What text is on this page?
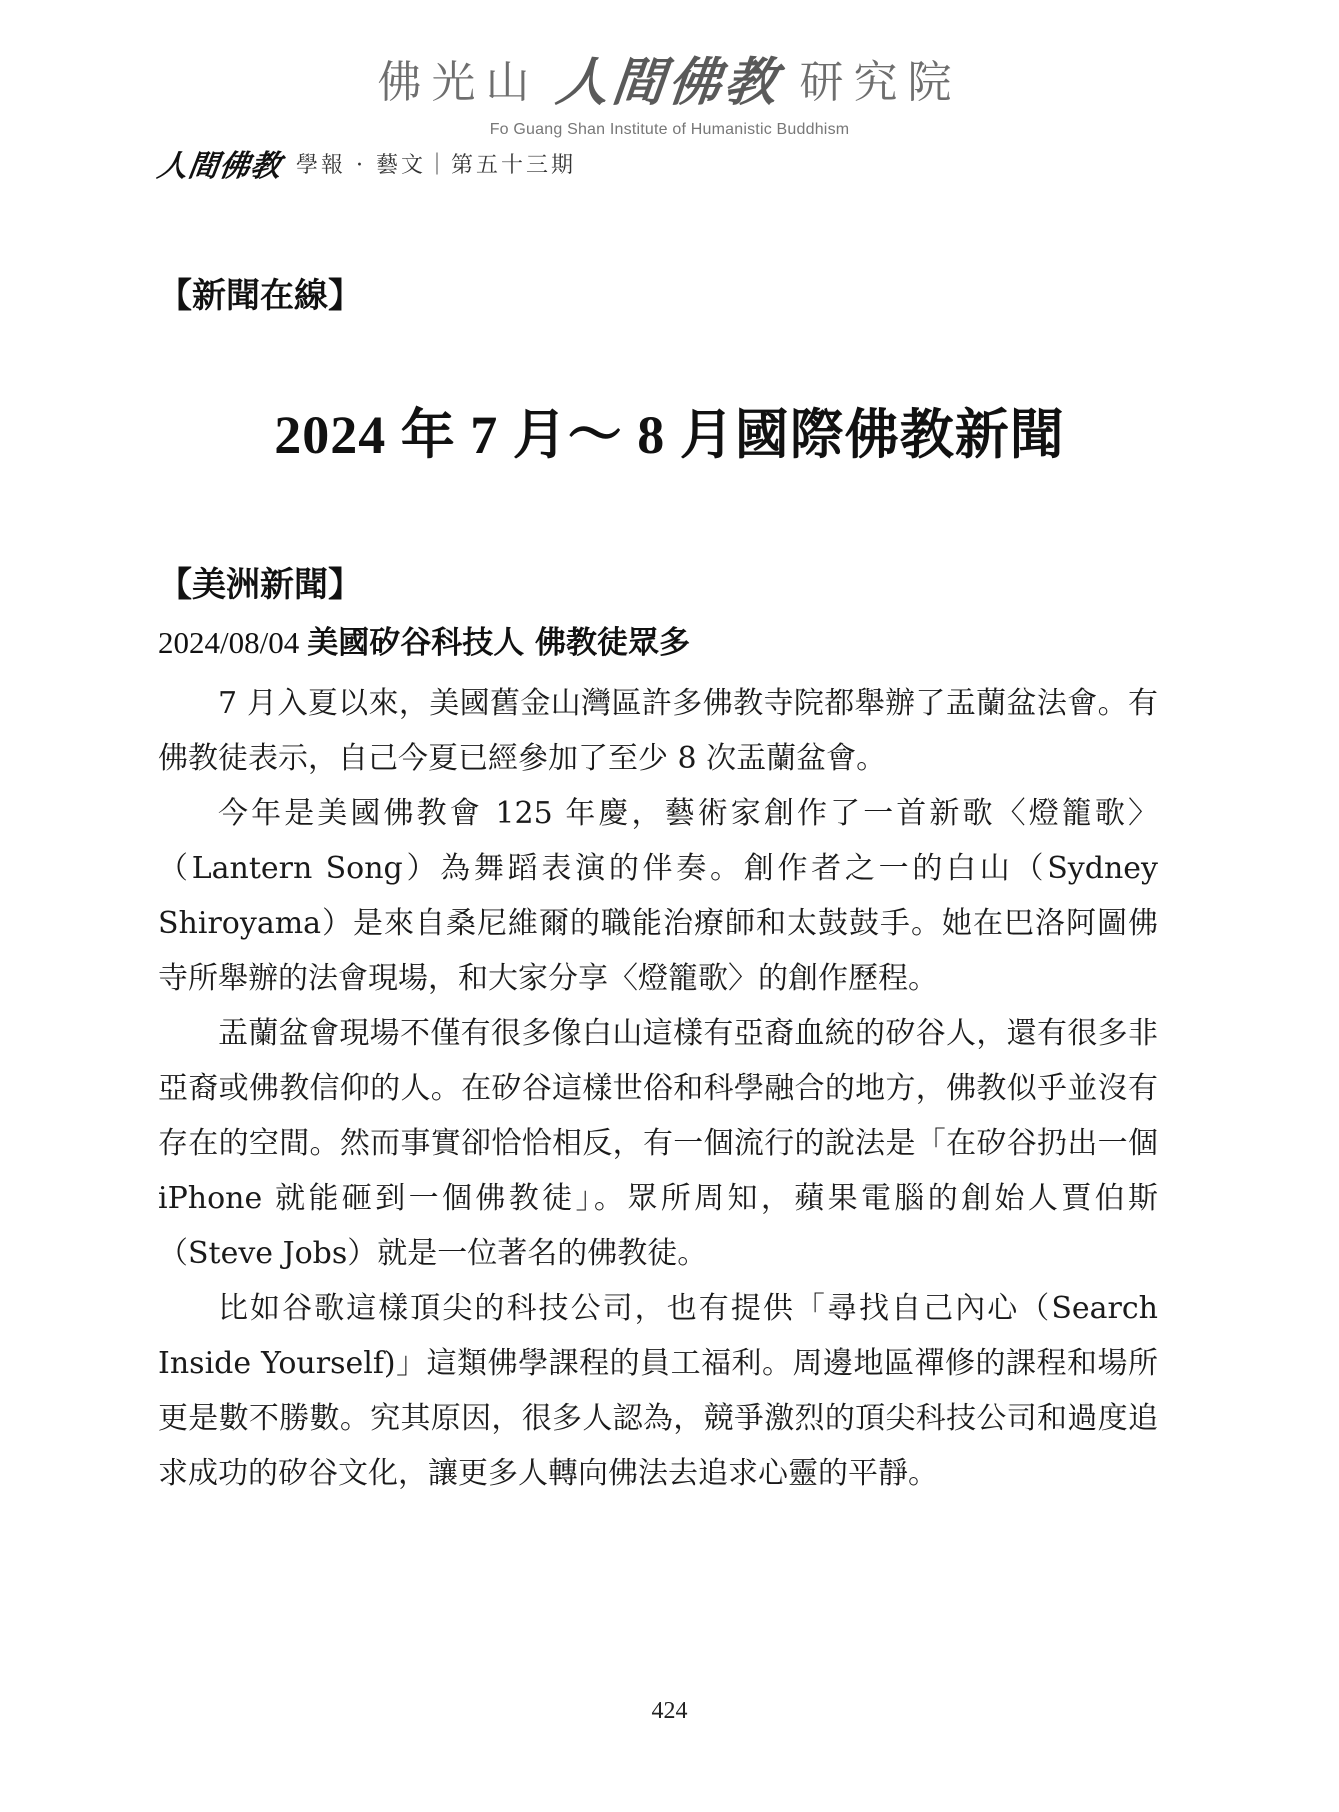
佛光山 人間佛教 研究院
Fo Guang Shan Institute of Humanistic Buddhism
人間佛教 學報 · 藝文｜第五十三期
【新聞在線】
2024 年 7 月～ 8 月國際佛教新聞
【美洲新聞】
2024/08/04 美國矽谷科技人 佛教徒眾多

7 月入夏以來，美國舊金山灣區許多佛教寺院都舉辦了盂蘭盆法會。有佛教徒表示，自己今夏已經參加了至少 8 次盂蘭盆會。

今年是美國佛教會 125 年慶，藝術家創作了一首新歌〈燈籠歌〉（Lantern Song）為舞蹈表演的伴奏。創作者之一的白山（Sydney Shiroyama）是來自桑尼維爾的職能治療師和太鼓鼓手。她在巴洛阿圖佛寺所舉辦的法會現場，和大家分享〈燈籠歌〉的創作歷程。

盂蘭盆會現場不僅有很多像白山這樣有亞裔血統的矽谷人，還有很多非亞裔或佛教信仰的人。在矽谷這樣世俗和科學融合的地方，佛教似乎並沒有存在的空間。然而事實卻恰恰相反，有一個流行的說法是「在矽谷扔出一個 iPhone 就能砸到一個佛教徒」。眾所周知，蘋果電腦的創始人賈伯斯（Steve Jobs）就是一位著名的佛教徒。

比如谷歌這樣頂尖的科技公司，也有提供「尋找自己內心（Search Inside Yourself)」這類佛學課程的員工福利。周邊地區禪修的課程和場所更是數不勝數。究其原因，很多人認為，競爭激烈的頂尖科技公司和過度追求成功的矽谷文化，讓更多人轉向佛法去追求心靈的平靜。

424
